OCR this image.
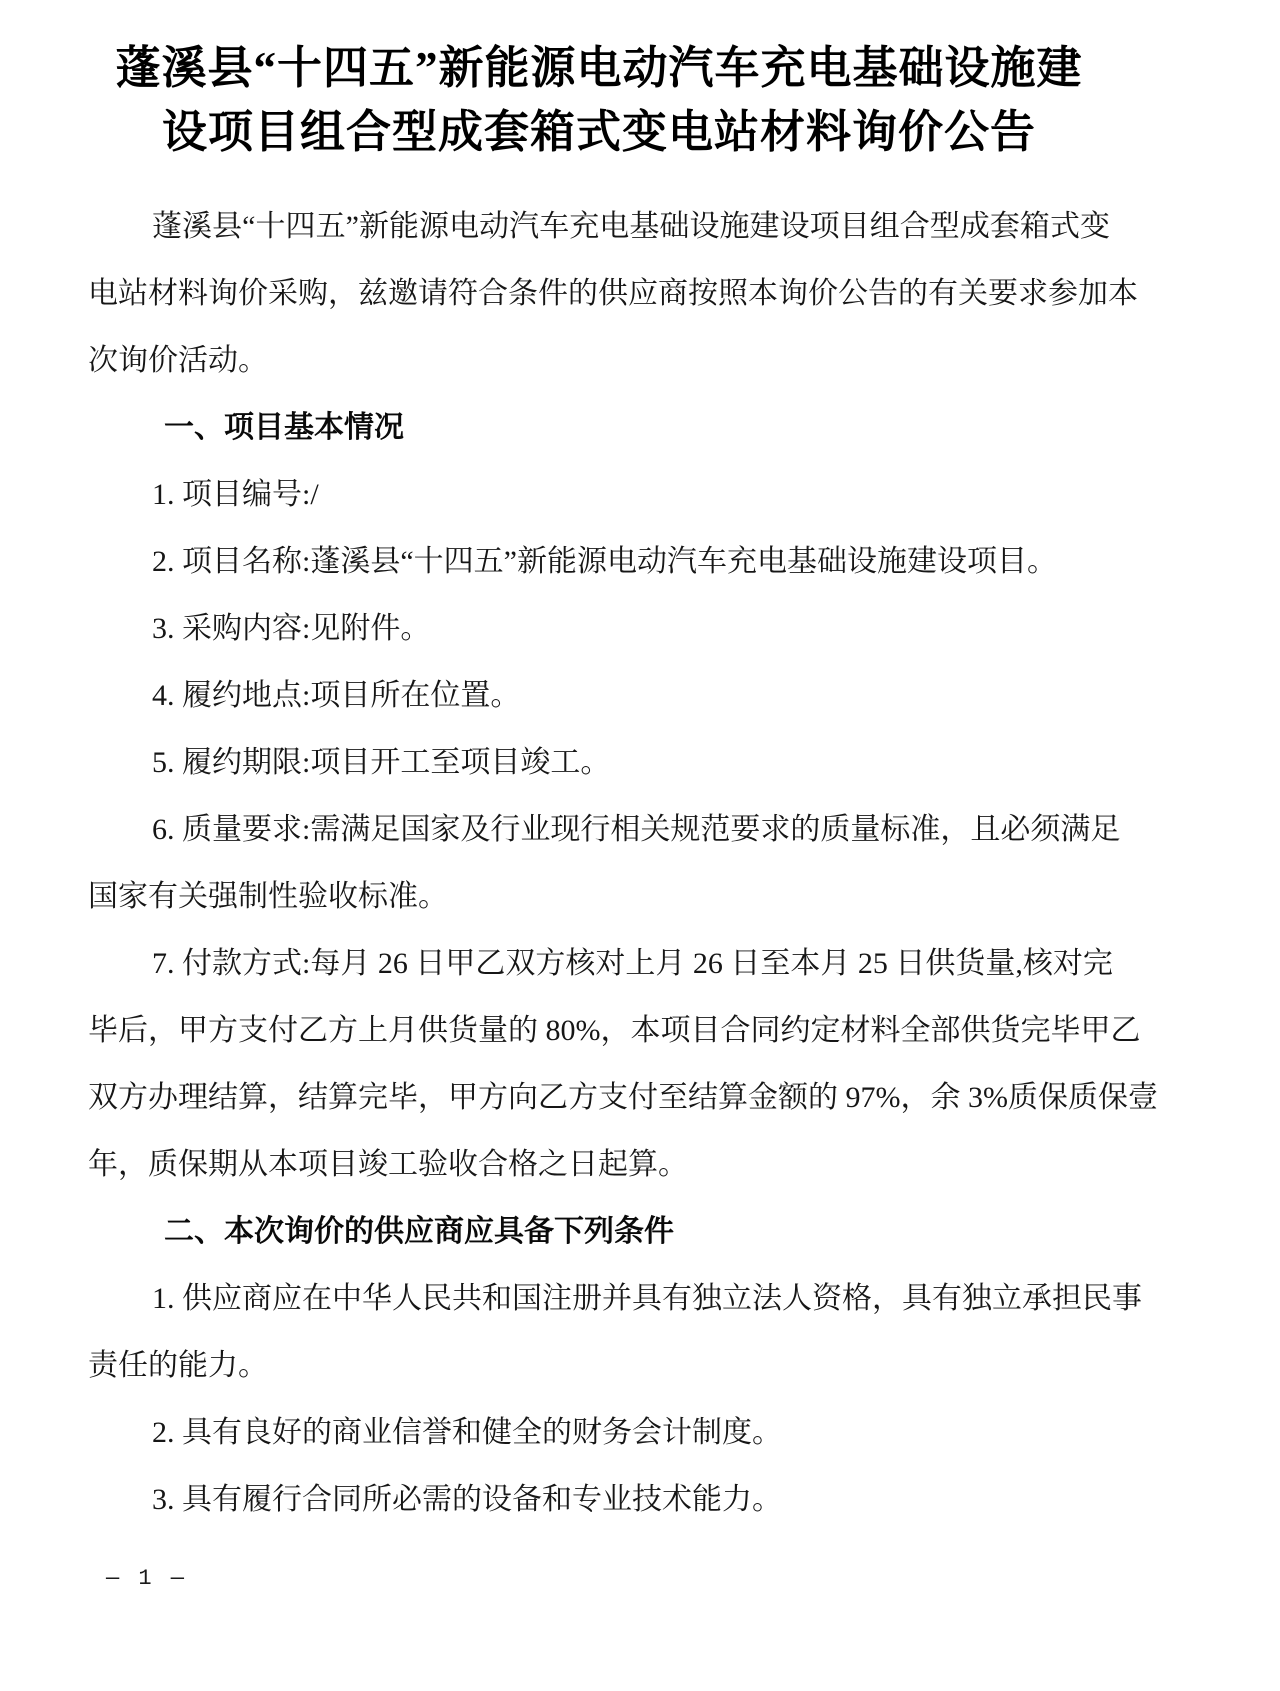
蓬溪县“十四五”新能源电动汽车充电基础设施建
设项目组合型成套箱式变电站材料询价公告
蓬溪县“十四五”新能源电动汽车充电基础设施建设项目组合型成套箱式变
电站材料询价采购，兹邀请符合条件的供应商按照本询价公告的有关要求参加本
次询价活动。
一、项目基本情况
1. 项目编号:/
2. 项目名称:蓬溪县“十四五”新能源电动汽车充电基础设施建设项目。
3. 采购内容:见附件。
4. 履约地点:项目所在位置。
5. 履约期限:项目开工至项目竣工。
6. 质量要求:需满足国家及行业现行相关规范要求的质量标准，且必须满足
国家有关强制性验收标准。
7. 付款方式:每月 26 日甲乙双方核对上月 26 日至本月 25 日供货量,核对完
毕后，甲方支付乙方上月供货量的 80%，本项目合同约定材料全部供货完毕甲乙
双方办理结算，结算完毕，甲方向乙方支付至结算金额的 97%，余 3%质保质保壹
年，质保期从本项目竣工验收合格之日起算。
二、本次询价的供应商应具备下列条件
1. 供应商应在中华人民共和国注册并具有独立法人资格，具有独立承担民事
责任的能力。
2. 具有良好的商业信誉和健全的财务会计制度。
3. 具有履行合同所必需的设备和专业技术能力。
— 1 —
